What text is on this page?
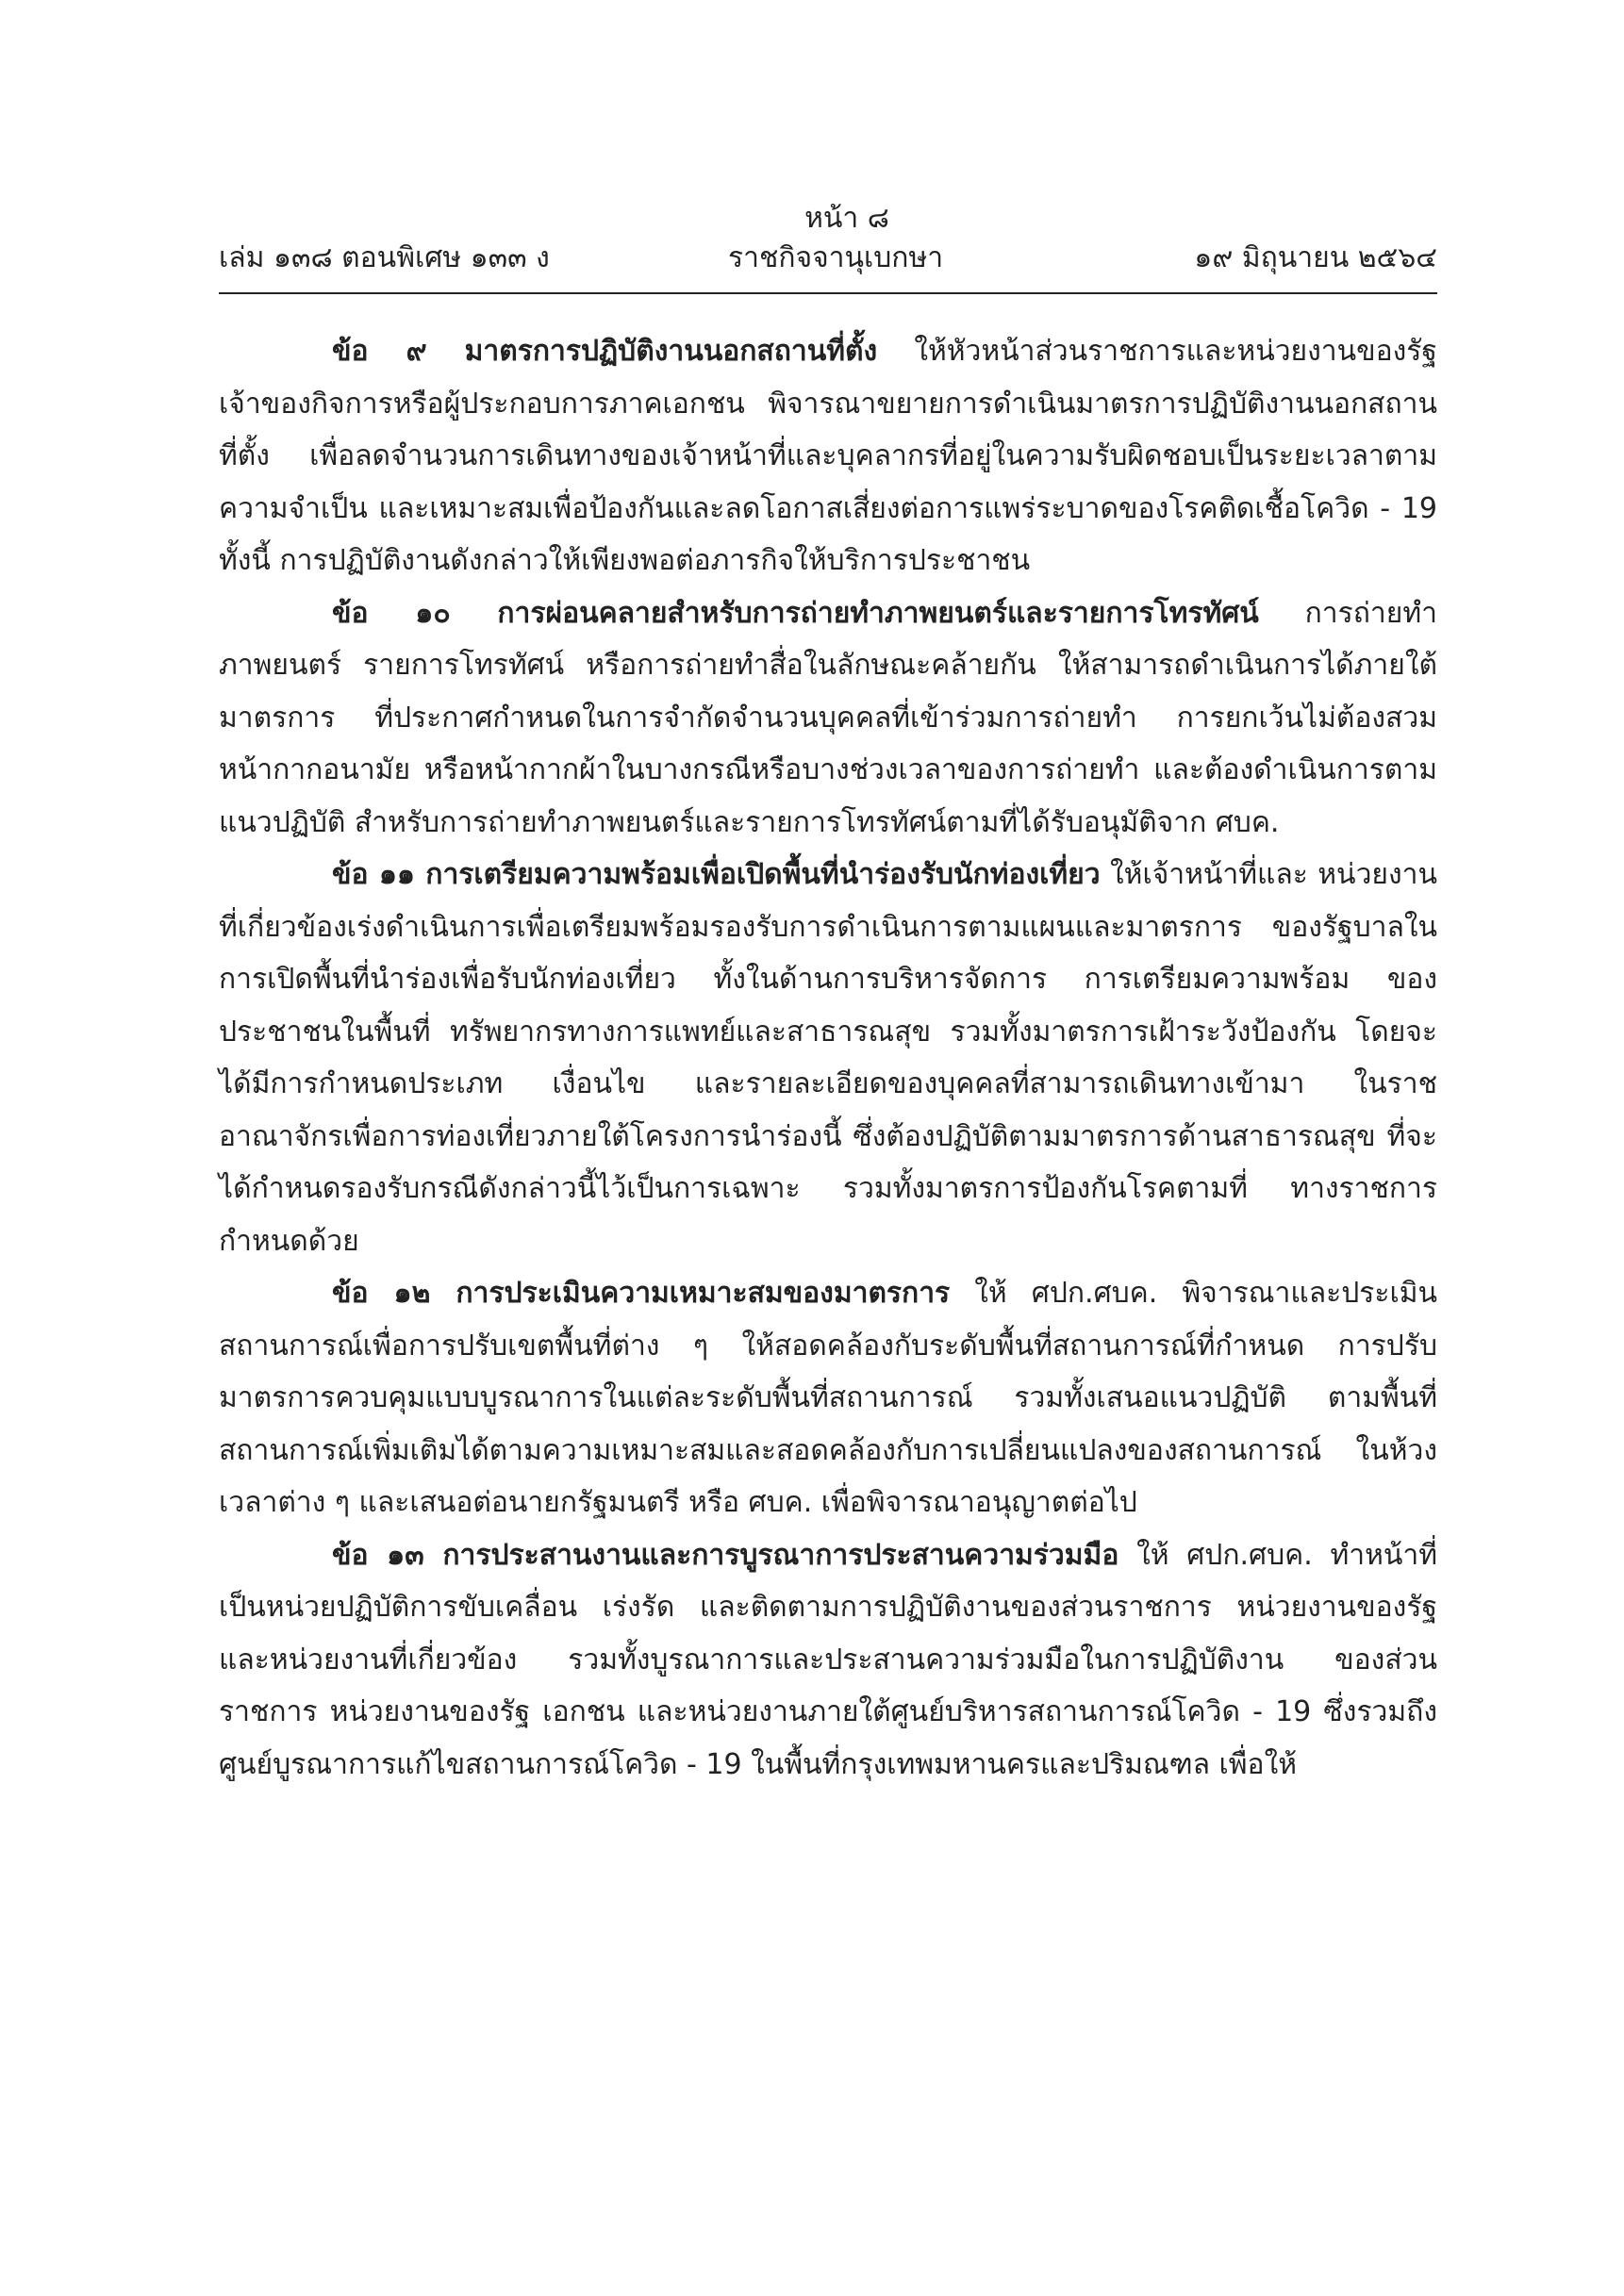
หน้า ๘
เล่ม ๑๓๘ ตอนพิเศษ ๑๓๓ ง	ราชกิจจานุเบกษา	๑๙ มิถุนายน ๒๕๖๔

ข้อ ๙ มาตรการปฏิบัติงานนอกสถานที่ตั้ง ให้หัวหน้าส่วนราชการและหน่วยงานของรัฐ เจ้าของกิจการหรือผู้ประกอบการภาคเอกชน พิจารณาขยายการดำเนินมาตรการปฏิบัติงานนอกสถานที่ตั้ง เพื่อลดจำนวนการเดินทางของเจ้าหน้าที่และบุคลากรที่อยู่ในความรับผิดชอบเป็นระยะเวลาตามความจำเป็น และเหมาะสมเพื่อป้องกันและลดโอกาสเสี่ยงต่อการแพร่ระบาดของโรคติดเชื้อโควิด - 19 ทั้งนี้ การปฏิบัติงานดังกล่าวให้เพียงพอต่อภารกิจให้บริการประชาชน

ข้อ ๑๐ การผ่อนคลายสำหรับการถ่ายทำภาพยนตร์และรายการโทรทัศน์ การถ่ายทำภาพยนตร์ รายการโทรทัศน์ หรือการถ่ายทำสื่อในลักษณะคล้ายกัน ให้สามารถดำเนินการได้ภายใต้มาตรการ ที่ประกาศกำหนดในการจำกัดจำนวนบุคคลที่เข้าร่วมการถ่ายทำ การยกเว้นไม่ต้องสวมหน้ากากอนามัย หรือหน้ากากผ้าในบางกรณีหรือบางช่วงเวลาของการถ่ายทำ และต้องดำเนินการตามแนวปฏิบัติ สำหรับการถ่ายทำภาพยนตร์และรายการโทรทัศน์ตามที่ได้รับอนุมัติจาก ศบค.

ข้อ ๑๑ การเตรียมความพร้อมเพื่อเปิดพื้นที่นำร่องรับนักท่องเที่ยว ให้เจ้าหน้าที่และ หน่วยงานที่เกี่ยวข้องเร่งดำเนินการเพื่อเตรียมพร้อมรองรับการดำเนินการตามแผนและมาตรการ ของรัฐบาลในการเปิดพื้นที่นำร่องเพื่อรับนักท่องเที่ยว ทั้งในด้านการบริหารจัดการ การเตรียมความพร้อม ของประชาชนในพื้นที่ ทรัพยากรทางการแพทย์และสาธารณสุข รวมทั้งมาตรการเฝ้าระวังป้องกัน โดยจะได้มีการกำหนดประเภท เงื่อนไข และรายละเอียดของบุคคลที่สามารถเดินทางเข้ามา ในราชอาณาจักรเพื่อการท่องเที่ยวภายใต้โครงการนำร่องนี้ ซึ่งต้องปฏิบัติตามมาตรการด้านสาธารณสุข ที่จะได้กำหนดรองรับกรณีดังกล่าวนี้ไว้เป็นการเฉพาะ รวมทั้งมาตรการป้องกันโรคตามที่ ทางราชการกำหนดด้วย

ข้อ ๑๒ การประเมินความเหมาะสมของมาตรการ ให้ ศปก.ศบค. พิจารณาและประเมิน สถานการณ์เพื่อการปรับเขตพื้นที่ต่าง ๆ ให้สอดคล้องกับระดับพื้นที่สถานการณ์ที่กำหนด การปรับมาตรการควบคุมแบบบูรณาการในแต่ละระดับพื้นที่สถานการณ์ รวมทั้งเสนอแนวปฏิบัติ ตามพื้นที่สถานการณ์เพิ่มเติมได้ตามความเหมาะสมและสอดคล้องกับการเปลี่ยนแปลงของสถานการณ์ ในห้วงเวลาต่าง ๆ และเสนอต่อนายกรัฐมนตรี หรือ ศบค. เพื่อพิจารณาอนุญาตต่อไป

ข้อ ๑๓ การประสานงานและการบูรณาการประสานความร่วมมือ ให้ ศปก.ศบค. ทำหน้าที่เป็นหน่วยปฏิบัติการขับเคลื่อน เร่งรัด และติดตามการปฏิบัติงานของส่วนราชการ หน่วยงานของรัฐ และหน่วยงานที่เกี่ยวข้อง รวมทั้งบูรณาการและประสานความร่วมมือในการปฏิบัติงาน ของส่วนราชการ หน่วยงานของรัฐ เอกชน และหน่วยงานภายใต้ศูนย์บริหารสถานการณ์โควิด - 19 ซึ่งรวมถึงศูนย์บูรณาการแก้ไขสถานการณ์โควิด - 19 ในพื้นที่กรุงเทพมหานครและปริมณฑล เพื่อให้
